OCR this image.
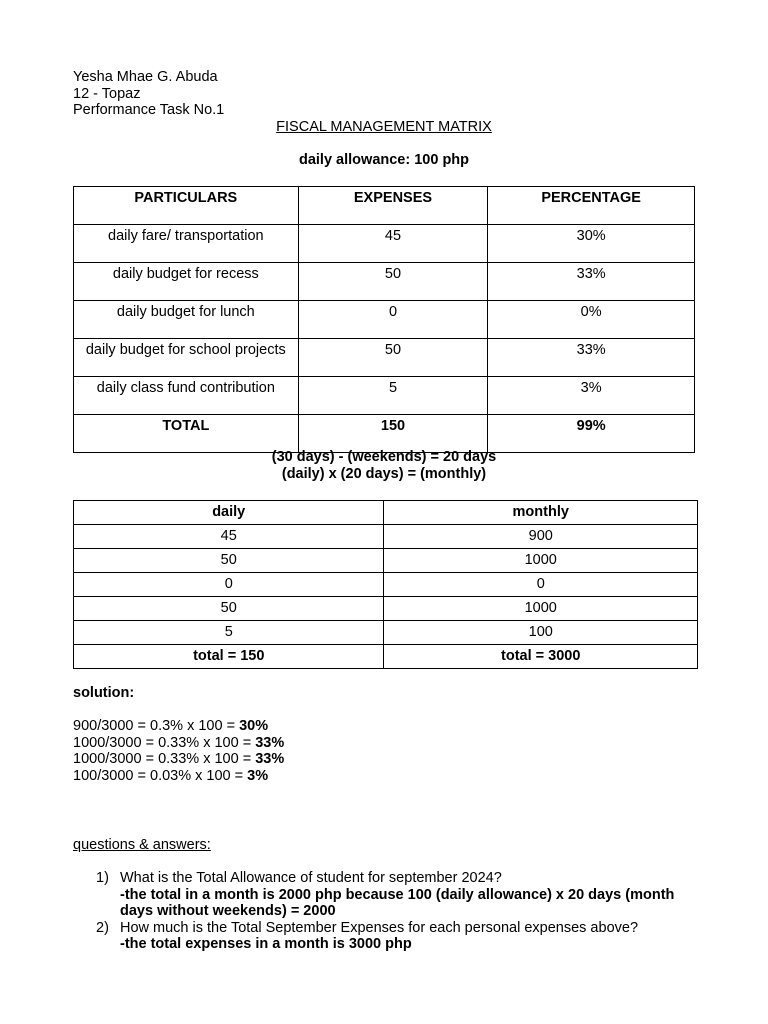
Yesha Mhae G. Abuda
12 - Topaz
Performance Task No.1
FISCAL MANAGEMENT MATRIX
daily allowance: 100 php
PARTICULARS	EXPENSES	PERCENTAGE
daily fare/ transportation	45	30%
daily budget for recess	50	33%
daily budget for lunch	0	0%
daily budget for school projects	50	33%
daily class fund contribution	5	3%
TOTAL	150	99%
(30 days) - (weekends) = 20 days
(daily) x (20 days) = (monthly)
daily	monthly
45	900
50	1000
0	0
50	1000
5	100
total = 150	total = 3000
solution:
900/3000 = 0.3% x 100 = 30%
1000/3000 = 0.33% x 100 = 33%
1000/3000 = 0.33% x 100 = 33%
100/3000 = 0.03% x 100 = 3%
questions & answers:
1) What is the Total Allowance of student for september 2024?
-the total in a month is 2000 php because 100 (daily allowance) x 20 days (month days without weekends) = 2000
2) How much is the Total September Expenses for each personal expenses above?
-the total expenses in a month is 3000 php
